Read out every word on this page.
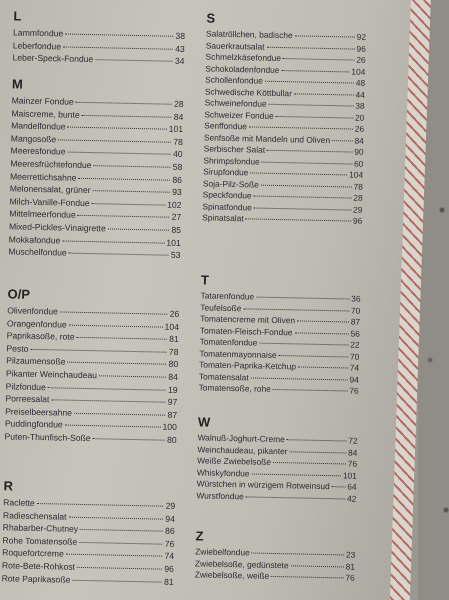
L
Lammfondue	38
Leberfondue	43
Leber-Speck-Fondue	34
M
Mainzer Fondue	28
Maiscreme, bunte	84
Mandelfondue	101
Mangosoße	78
Meeresfondue	40
Meeresfrüchtefondue	58
Meerrettichsahne	86
Melonensalat, grüner	93
Milch-Vanille-Fondue	102
Mittelmeerfondue	27
Mixed-Pickles-Vinaigrette	85
Mokkafondue	101
Muschelfondue	53
O/P
Olivenfondue	26
Orangenfondue	104
Paprikasoße, rote	81
Pesto	78
Pilzaumensoße	80
Pikanter Weinchaudeau	84
Pilzfondue	19
Porreesalat	97
Preiselbeersahne	87
Puddingfondue	100
Puten-Thunfisch-Soße	80
R
Raclette	29
Radieschensalat	94
Rhabarber-Chutney	86
Rohe Tomatensoße	76
Roquefortcreme	74
Rote-Bete-Rohkost	96
Rote Paprikasoße	81
S
Salatröllchen, badische	92
Sauerkrautsalat	96
Schmelzkäsefondue	26
Schokoladenfondue	104
Schollenfondue	48
Schwedische Köttbullar	44
Schweinefondue	38
Schweizer Fondue	20
Senffondue	26
Senfsoße mit Mandeln und Oliven	84
Serbischer Salat	90
Shrimpsfondue	60
Sirupfondue	104
Soja-Pilz-Soße	78
Speckfondue	28
Spinatfondue	29
Spinatsalat	96
T
Tatarenfondue	36
Teufelsoße	70
Tomatencreme mit Oliven	87
Tomaten-Fleisch-Fondue	56
Tomatenfondue	22
Tomatenmayonnaise	70
Tomaten-Paprika-Ketchup	74
Tomatensalat	94
Tomatensoße, rohe	76
W
Walnuß-Joghurt-Creme	72
Weinchaudeau, pikanter	84
Weiße Zwiebelsoße	76
Whiskyfondue	101
Würstchen in würzigem Rotweinsud 64
Wurstfondue	42
Z
Zwiebelfondue	23
Zwiebelsoße, gedünstete	81
Zwiebelsoße, weiße	76
